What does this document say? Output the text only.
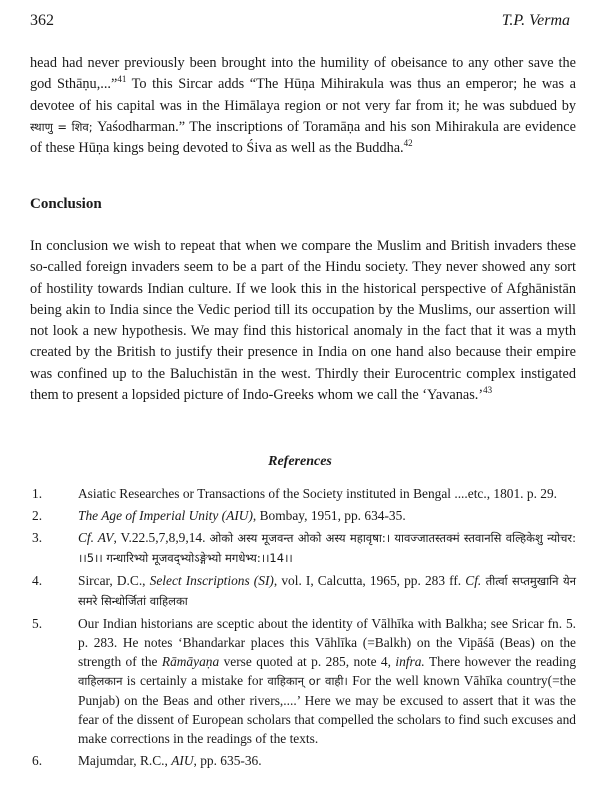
362	T.P. Verma
head had never previously been brought into the humility of obeisance to any other save the god Sthāṇu,...”$^{41}$ To this Sircar adds “The Hūṇa Mihirakula was thus an emperor; he was a devotee of his capital was in the Himālaya region or not very far from it; he was subdued by स्थाणु = शिव; Yaśodharman.” The inscriptions of Toramāṇa and his son Mihirakula are evidence of these Hūṇa kings being devoted to Śiva as well as the Buddha.$^{42}$
Conclusion
In conclusion we wish to repeat that when we compare the Muslim and British invaders these so-called foreign invaders seem to be a part of the Hindu society. They never showed any sort of hostility towards Indian culture. If we look this in the historical perspective of Afghānistān being akin to India since the Vedic period till its occupation by the Muslims, our assertion will not look a new hypothesis. We may find this historical anomaly in the fact that it was a myth created by the British to justify their presence in India on one hand also because their empire was confined up to the Baluchistān in the west. Thirdly their Eurocentric complex instigated them to present a lopsided picture of Indo-Greeks whom we call the ‘Yavanas.’$^{43}$
References
1.	Asiatic Researches or Transactions of the Society instituted in Bengal ....etc., 1801. p. 29.
2.	The Age of Imperial Unity (AIU), Bombay, 1951, pp. 634-35.
3.	Cf. AV, V.22.5,7,8,9,14. ओको अस्य मूजवन्त ओको अस्य महावृषा:। यावज्जातस्तक्मं स्तवानसि वल्हिकेशु न्योचर: ।।5।। गन्धारिभ्यो मूजवद्भ्योऽङ्गेभ्यो मगधेभ्य:।।14।।
4.	Sircar, D.C., Select Inscriptions (SI), vol. I, Calcutta, 1965, pp. 283 ff. Cf. तीर्त्वा सप्तमुखानि येन समरे सिन्धोर्जितां वाहिलका
5.	Our Indian historians are sceptic about the identity of Vālhīka with Balkha; see Sricar fn. 5. p. 283. He notes ‘Bhandarkar places this Vāhlīka (=Balkh) on the Vipāśā (Beas) on the strength of the Rāmāyaṇa verse quoted at p. 285, note 4, infra. There however the reading वाहिलकान is certainly a mistake for वाहिकान् or वाही। For the well known Vāhīka country(=the Punjab) on the Beas and other rivers,....’ Here we may be excused to assert that it was the fear of the dissent of European scholars that compelled the scholars to find such excuses and make corrections in the readings of the texts.
6.	Majumdar, R.C., AIU, pp. 635-36.
